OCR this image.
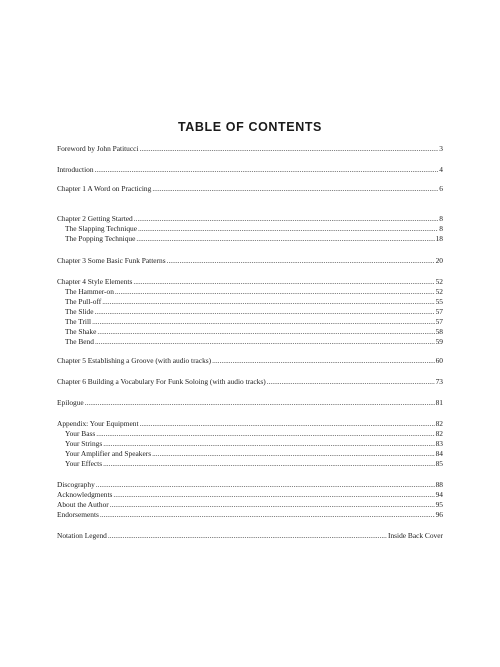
TABLE OF CONTENTS
Foreword by John Patitucci .....	3
Introduction .....	4
Chapter 1 A Word on Practicing .....	6
Chapter 2 Getting Started .....	8
The Slapping Technique .....	8
The Popping Technique .....	18
Chapter 3 Some Basic Funk Patterns .....	20
Chapter 4 Style Elements .....	52
The Hammer-on .....	52
The Pull-off .....	55
The Slide .....	57
The Trill .....	57
The Shake .....	58
The Bend .....	59
Chapter 5 Establishing a Groove (with audio tracks) .....	60
Chapter 6 Building a Vocabulary For Funk Soloing (with audio tracks) .....	73
Epilogue .....	81
Appendix: Your Equipment .....	82
Your Bass .....	82
Your Strings .....	83
Your Amplifier and Speakers .....	84
Your Effects .....	85
Discography .....	88
Acknowledgments .....	94
About the Author .....	95
Endorsements .....	96
Notation Legend .....	Inside Back Cover
